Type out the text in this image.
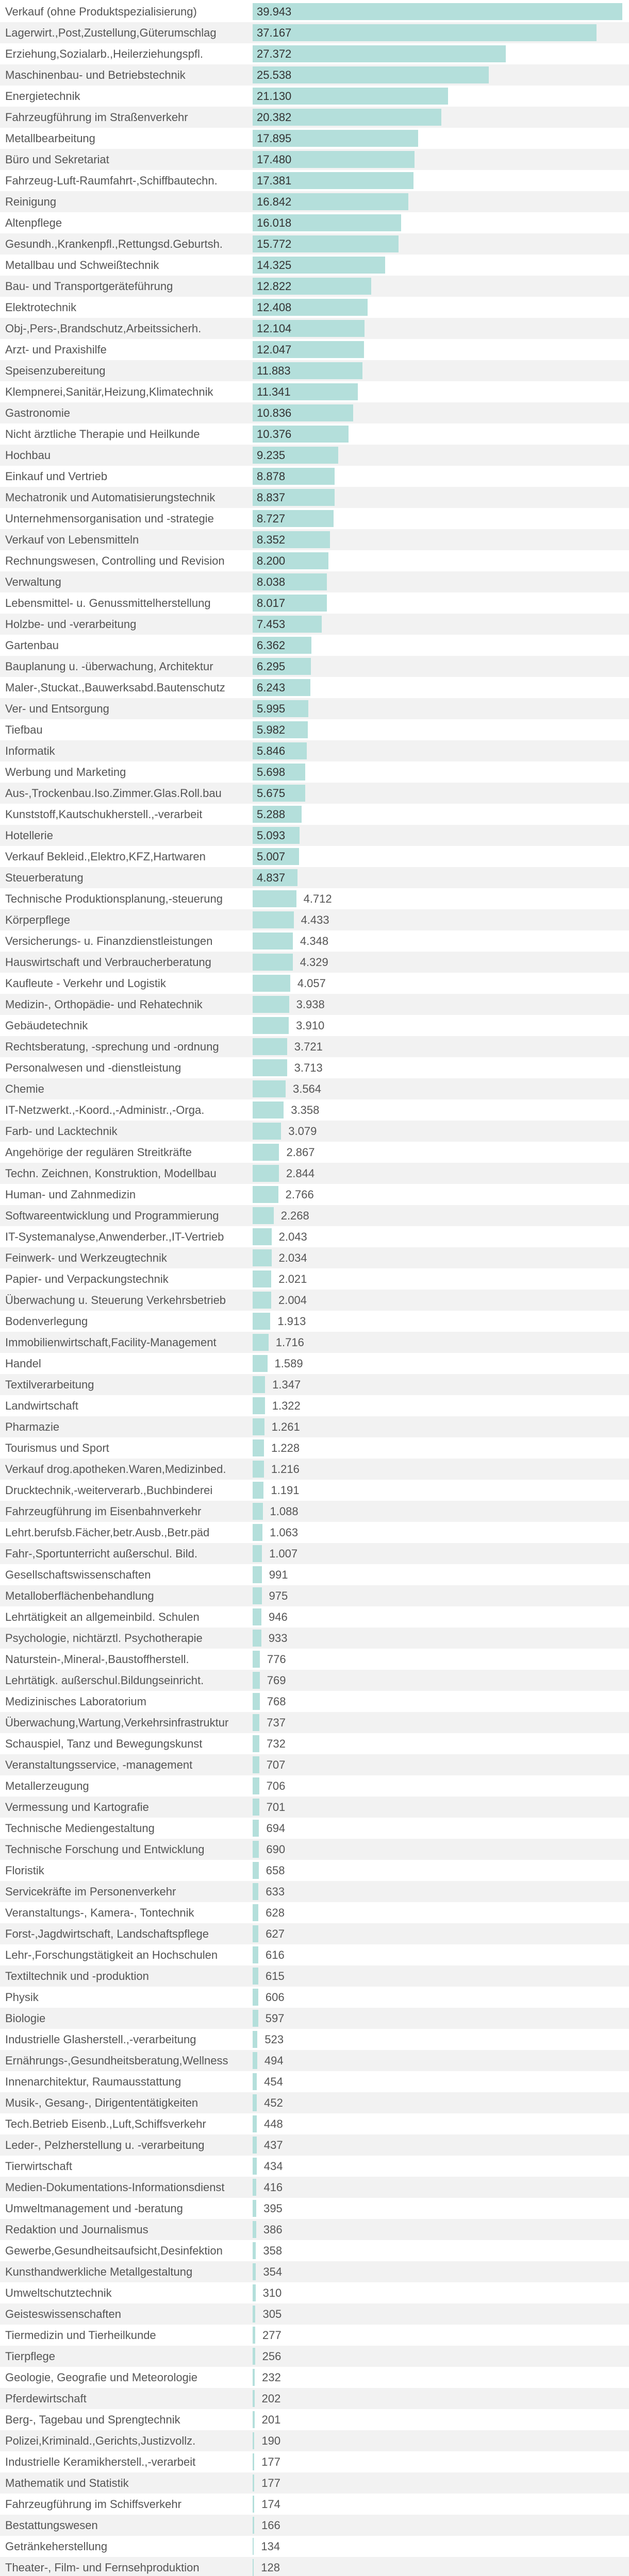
Verkauf (ohne Produktspezialisierung)	39.943
Lagerwirt.,Post,Zustellung,Güterumschlag	37.167
Erziehung,Sozialarb.,Heilerziehungspfl.	27.372
Maschinenbau- und Betriebstechnik	25.538
Energietechnik	21.130
Fahrzeugführung im Straßenverkehr	20.382
Metallbearbeitung	17.895
Büro und Sekretariat	17.480
Fahrzeug-Luft-Raumfahrt-,Schiffbautechn.	17.381
Reinigung	16.842
Altenpflege	16.018
Gesundh.,Krankenpfl.,Rettungsd.Geburtsh.	15.772
Metallbau und Schweißtechnik	14.325
Bau- und Transportgeräteführung	12.822
Elektrotechnik	12.408
Obj-,Pers-,Brandschutz,Arbeitssicherh.	12.104
Arzt- und Praxishilfe	12.047
Speisenzubereitung	11.883
Klempnerei,Sanitär,Heizung,Klimatechnik	11.341
Gastronomie	10.836
Nicht ärztliche Therapie und Heilkunde	10.376
Hochbau	9.235
Einkauf und Vertrieb	8.878
Mechatronik und Automatisierungstechnik	8.837
Unternehmensorganisation und -strategie	8.727
Verkauf von Lebensmitteln	8.352
Rechnungswesen, Controlling und Revision	8.200
Verwaltung	8.038
Lebensmittel- u. Genussmittelherstellung	8.017
Holzbe- und -verarbeitung	7.453
Gartenbau	6.362
Bauplanung u. -überwachung, Architektur	6.295
Maler-,Stuckat.,Bauwerksabd.Bautenschutz	6.243
Ver- und Entsorgung	5.995
Tiefbau	5.982
Informatik	5.846
Werbung und Marketing	5.698
Aus-,Trockenbau.Iso.Zimmer.Glas.Roll.bau	5.675
Kunststoff,Kautschukherstell.,-verarbeit	5.288
Hotellerie	5.093
Verkauf Bekleid.,Elektro,KFZ,Hartwaren	5.007
Steuerberatung	4.837
Technische Produktionsplanung,-steuerung	4.712
Körperpflege	4.433
Versicherungs- u. Finanzdienstleistungen	4.348
Hauswirtschaft und Verbraucherberatung	4.329
Kaufleute - Verkehr und Logistik	4.057
Medizin-, Orthopädie- und Rehatechnik	3.938
Gebäudetechnik	3.910
Rechtsberatung, -sprechung und -ordnung	3.721
Personalwesen und -dienstleistung	3.713
Chemie	3.564
IT-Netzwerkt.,-Koord.,-Administr.,-Orga.	3.358
Farb- und Lacktechnik	3.079
Angehörige der regulären Streitkräfte	2.867
Techn. Zeichnen, Konstruktion, Modellbau	2.844
Human- und Zahnmedizin	2.766
Softwareentwicklung und Programmierung	2.268
IT-Systemanalyse,Anwenderber.,IT-Vertrieb	2.043
Feinwerk- und Werkzeugtechnik	2.034
Papier- und Verpackungstechnik	2.021
Überwachung u. Steuerung Verkehrsbetrieb	2.004
Bodenverlegung	1.913
Immobilienwirtschaft,Facility-Management	1.716
Handel	1.589
Textilverarbeitung	1.347
Landwirtschaft	1.322
Pharmazie	1.261
Tourismus und Sport	1.228
Verkauf drog.apotheken.Waren,Medizinbed.	1.216
Drucktechnik,-weiterverarb.,Buchbinderei	1.191
Fahrzeugführung im Eisenbahnverkehr	1.088
Lehrt.berufsb.Fächer,betr.Ausb.,Betr.päd	1.063
Fahr-,Sportunterricht außerschul. Bild.	1.007
Gesellschaftswissenschaften	991
Metalloberflächenbehandlung	975
Lehrtätigkeit an allgemeinbild. Schulen	946
Psychologie, nichtärztl. Psychotherapie	933
Naturstein-,Mineral-,Baustoffherstell.	776
Lehrtätigk. außerschul.Bildungseinricht.	769
Medizinisches Laboratorium	768
Überwachung,Wartung,Verkehrsinfrastruktur	737
Schauspiel, Tanz und Bewegungskunst	732
Veranstaltungsservice, -management	707
Metallerzeugung	706
Vermessung und Kartografie	701
Technische Mediengestaltung	694
Technische Forschung und Entwicklung	690
Floristik	658
Servicekräfte im Personenverkehr	633
Veranstaltungs-, Kamera-, Tontechnik	628
Forst-,Jagdwirtschaft, Landschaftspflege	627
Lehr-,Forschungstätigkeit an Hochschulen	616
Textiltechnik und -produktion	615
Physik	606
Biologie	597
Industrielle Glasherstell.,-verarbeitung	523
Ernährungs-,Gesundheitsberatung,Wellness	494
Innenarchitektur, Raumausstattung	454
Musik-, Gesang-, Dirigententätigkeiten	452
Tech.Betrieb Eisenb.,Luft,Schiffsverkehr	448
Leder-, Pelzherstellung u. -verarbeitung	437
Tierwirtschaft	434
Medien-Dokumentations-Informationsdienst	416
Umweltmanagement und -beratung	395
Redaktion und Journalismus	386
Gewerbe,Gesundheitsaufsicht,Desinfektion	358
Kunsthandwerkliche Metallgestaltung	354
Umweltschutztechnik	310
Geisteswissenschaften	305
Tiermedizin und Tierheilkunde	277
Tierpflege	256
Geologie, Geografie und Meteorologie	232
Pferdewirtschaft	202
Berg-, Tagebau und Sprengtechnik	201
Polizei,Kriminald.,Gerichts,Justizvollz.	190
Industrielle Keramikherstell.,-verarbeit	177
Mathematik und Statistik	177
Fahrzeugführung im Schiffsverkehr	174
Bestattungswesen	166
Getränkeherstellung	134
Theater-, Film- und Fernsehproduktion	128
